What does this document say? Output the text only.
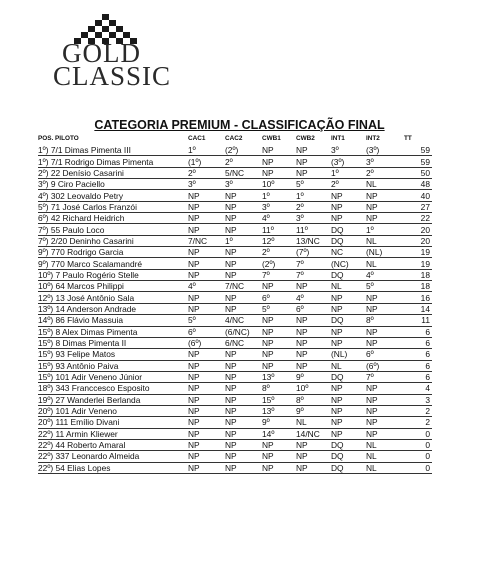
GOLD
CLASSIC
CATEGORIA PREMIUM - CLASSIFICAÇÃO FINAL
POS. PILOTO	CAC1	CAC2	CWB1	CWB2	INT1	INT2	TT
1º) 7/1 Dimas Pimenta III	1º	(2º)	NP	NP	3º	(3º)	59
1º) 7/1 Rodrigo Dimas Pimenta	(1º)	2º	NP	NP	(3º)	3º	59
2º) 22 Denísio Casarini	2º	5/NC	NP	NP	1º	2º	50
3º) 9 Ciro Paciello	3º	3º	10º	5º	2º	NL	48
4º) 302 Leovaldo Petry	NP	NP	1º	1º	NP	NP	40
5º) 71 José Carlos Franzói	NP	NP	3º	2º	NP	NP	27
6º) 42 Richard Heidrich	NP	NP	4º	3º	NP	NP	22
7º) 55 Paulo Loco	NP	NP	11º	11º	DQ	1º	20
7º) 2/20 Deninho Casarini	7/NC	1º	12º	13/NC	DQ	NL	20
9º) 770 Rodrigo Garcia	NP	NP	2º	(7º)	NC	(NL)	19
9º) 770 Marco Scalamandré	NP	NP	(2º)	7º	(NC)	NL	19
10º) 7 Paulo Rogério Stelle	NP	NP	7º	7º	DQ	4º	18
10º) 64 Marcos Philippi	4º	7/NC	NP	NP	NL	5º	18
12º) 13 José Antônio Sala	NP	NP	6º	4º	NP	NP	16
13º) 14 Anderson Andrade	NP	NP	5º	6º	NP	NP	14
14º) 86 Flávio Massuia	5º	4/NC	NP	NP	DQ	8º	11
15º) 8 Alex Dimas Pimenta	6º	(6/NC)	NP	NP	NP	NP	6
15º) 8 Dimas Pimenta II	(6º)	6/NC	NP	NP	NP	NP	6
15º) 93 Felipe Matos	NP	NP	NP	NP	(NL)	6º	6
15º) 93 Antônio Paiva	NP	NP	NP	NP	NL	(6º)	6
15º) 101 Adir Veneno Júnior	NP	NP	13º	9º	DQ	7º	6
18º) 343 Franccesco Esposito	NP	NP	8º	10º	NP	NP	4
19º) 27 Wanderlei Berlanda	NP	NP	15º	8º	NP	NP	3
20º) 101 Adir Veneno	NP	NP	13º	9º	NP	NP	2
20º) 111 Emílio Divani	NP	NP	9º	NL	NP	NP	2
22º) 11 Armin Kliewer	NP	NP	14º	14/NC	NP	NP	0
22º) 44 Roberto Amaral	NP	NP	NP	NP	DQ	NL	0
22º) 337 Leonardo Almeida	NP	NP	NP	NP	DQ	NL	0
22º) 54 Elias Lopes	NP	NP	NP	NP	DQ	NL	0
